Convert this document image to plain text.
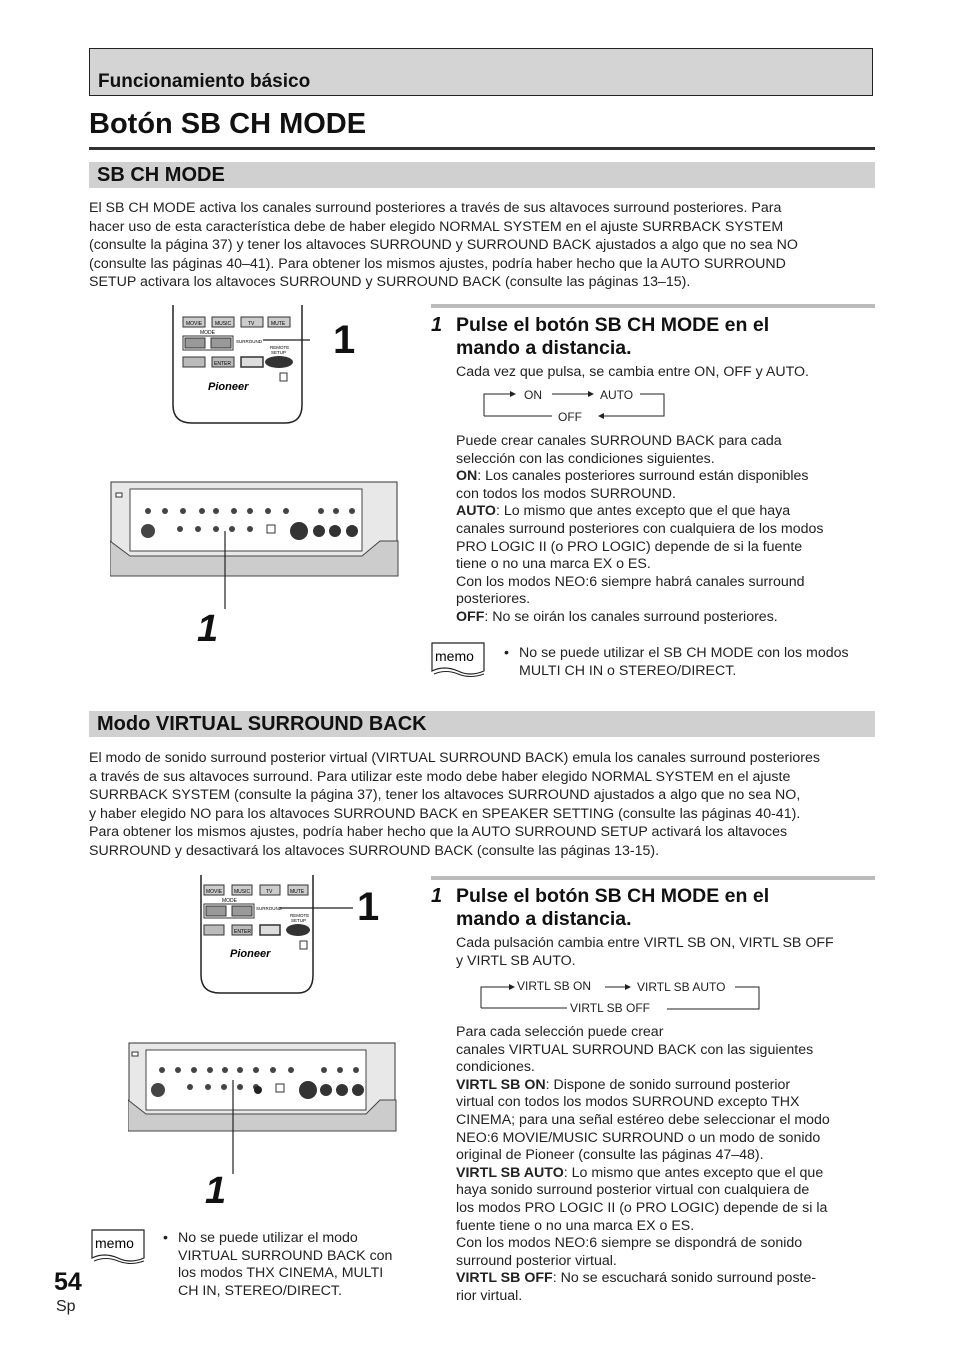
Funcionamiento básico
Botón SB CH MODE
SB CH MODE
El SB CH MODE activa los canales surround posteriores a través de sus altavoces surround posteriores. Para
hacer uso de esta característica debe de haber elegido NORMAL SYSTEM en el ajuste SURRBACK SYSTEM
(consulte la página 37) y tener los altavoces SURROUND y SURROUND BACK ajustados a algo que no sea NO
(consulte las páginas 40–41). Para obtener los mismos ajustes, podría haber hecho que la AUTO SURROUND
SETUP activara los altavoces SURROUND y SURROUND BACK (consulte las páginas 13–15).
MOVIE	MUSIC	TV	MUTE
MODE
SURROUND
REMOTE
SETUP
ENTER
Pioneer
1
1
1 Pulse el botón SB CH MODE en el
mando a distancia.
Cada vez que pulsa, se cambia entre ON, OFF y AUTO.
ON	AUTO
OFF
Puede crear canales SURROUND BACK para cada
selección con las condiciones siguientes.
ON: Los canales posteriores surround están disponibles
con todos los modos SURROUND.
AUTO: Lo mismo que antes excepto que el que haya
canales surround posteriores con cualquiera de los modos
PRO LOGIC II (o PRO LOGIC) depende de si la fuente
tiene o no una marca EX o ES.
Con los modos NEO:6 siempre habrá canales surround
posteriores.
OFF: No se oirán los canales surround posteriores.
memo • No se puede utilizar el SB CH MODE con los modos
MULTI CH IN o STEREO/DIRECT.
Modo VIRTUAL SURROUND BACK
El modo de sonido surround posterior virtual (VIRTUAL SURROUND BACK) emula los canales surround posteriores
a través de sus altavoces surround. Para utilizar este modo debe haber elegido NORMAL SYSTEM en el ajuste
SURRBACK SYSTEM (consulte la página 37), tener los altavoces SURROUND ajustados a algo que no sea NO,
y haber elegido NO para los altavoces SURROUND BACK en SPEAKER SETTING (consulte las páginas 40-41).
Para obtener los mismos ajustes, podría haber hecho que la AUTO SURROUND SETUP activará los altavoces
SURROUND y desactivará los altavoces SURROUND BACK (consulte las páginas 13-15).
MOVIE MUSIC	TV	MUTE
MODE
SURROUND
REMOTE
SETUP
ENTER
Pioneer
1
1
memo • No se puede utilizar el modo
VIRTUAL SURROUND BACK con
los modos THX CINEMA, MULTI
CH IN, STEREO/DIRECT.
1 Pulse el botón SB CH MODE en el
mando a distancia.
Cada pulsación cambia entre VIRTL SB ON, VIRTL SB OFF
y VIRTL SB AUTO.
VIRTL SB ON	VIRTL SB AUTO
VIRTL SB OFF
Para cada selección puede crear
canales VIRTUAL SURROUND BACK con las siguientes
condiciones.
VIRTL SB ON: Dispone de sonido surround posterior
virtual con todos los modos SURROUND excepto THX
CINEMA; para una señal estéreo debe seleccionar el modo
NEO:6 MOVIE/MUSIC SURROUND o un modo de sonido
original de Pioneer (consulte las páginas 47–48).
VIRTL SB AUTO: Lo mismo que antes excepto que el que
haya sonido surround posterior virtual con cualquiera de
los modos PRO LOGIC II (o PRO LOGIC) depende de si la
fuente tiene o no una marca EX o ES.
Con los modos NEO:6 siempre se dispondrá de sonido
surround posterior virtual.
VIRTL SB OFF: No se escuchará sonido surround poste-
rior virtual.
54
Sp
